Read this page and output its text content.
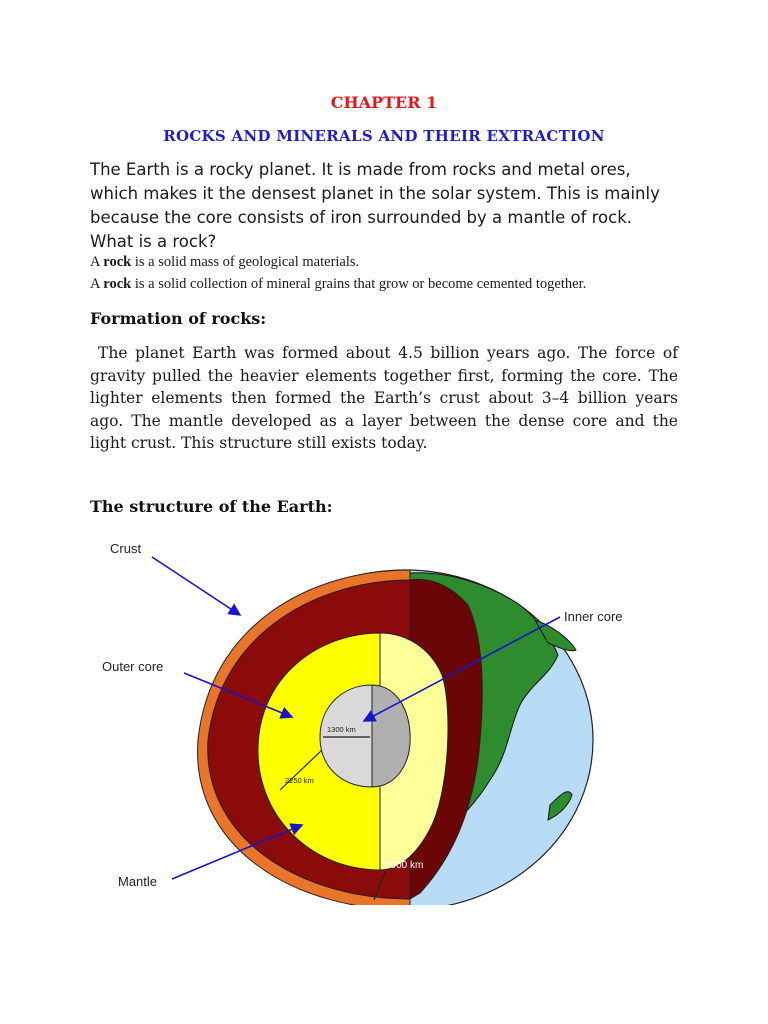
CHAPTER 1
ROCKS AND MINERALS AND THEIR EXTRACTION

The Earth is a rocky planet. It is made from rocks and metal ores, which makes it the densest planet in the solar system. This is mainly because the core consists of iron surrounded by a mantle of rock. What is a rock?

A rock is a solid mass of geological materials.
A rock is a solid collection of mineral grains that grow or become cemented together.
Formation of rocks:

The planet Earth was formed about 4.5 billion years ago. The force of gravity pulled the heavier elements together first, forming the core. The lighter elements then formed the Earth’s crust about 3–4 billion years ago. The mantle developed as a layer between the dense core and the light crust. This structure still exists today.

The structure of the Earth:
1300 km
2250 km
2900 km
Crust
Inner core
Outer core
Mantle
